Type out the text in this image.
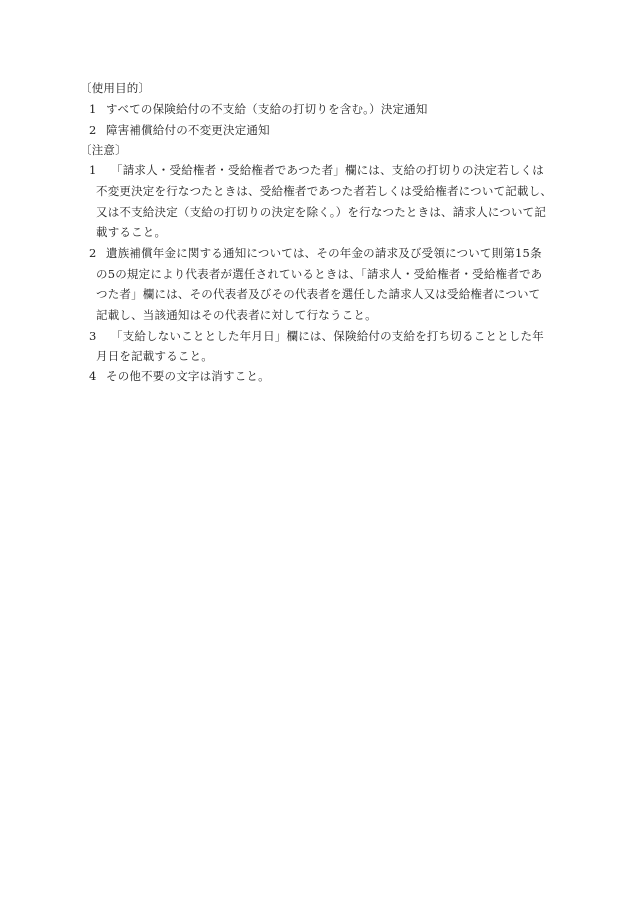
〔使用目的〕
1 すべての保険給付の不支給（支給の打切りを含む。）決定通知
2 障害補償給付の不変更決定通知
〔注意〕
1 「請求人・受給権者・受給権者であつた者」欄には、支給の打切りの決定若しくは
不変更決定を行なつたときは、受給権者であつた者若しくは受給権者について記載し、
又は不支給決定（支給の打切りの決定を除く。）を行なつたときは、請求人について記
載すること。
2 遺族補償年金に関する通知については、その年金の請求及び受領について則第15条
の5の規定により代表者が選任されているときは、「請求人・受給権者・受給権者であ
つた者」欄には、その代表者及びその代表者を選任した請求人又は受給権者について
記載し、当該通知はその代表者に対して行なうこと。
3 「支給しないこととした年月日」欄には、保険給付の支給を打ち切ることとした年
月日を記載すること。
4 その他不要の文字は消すこと。
